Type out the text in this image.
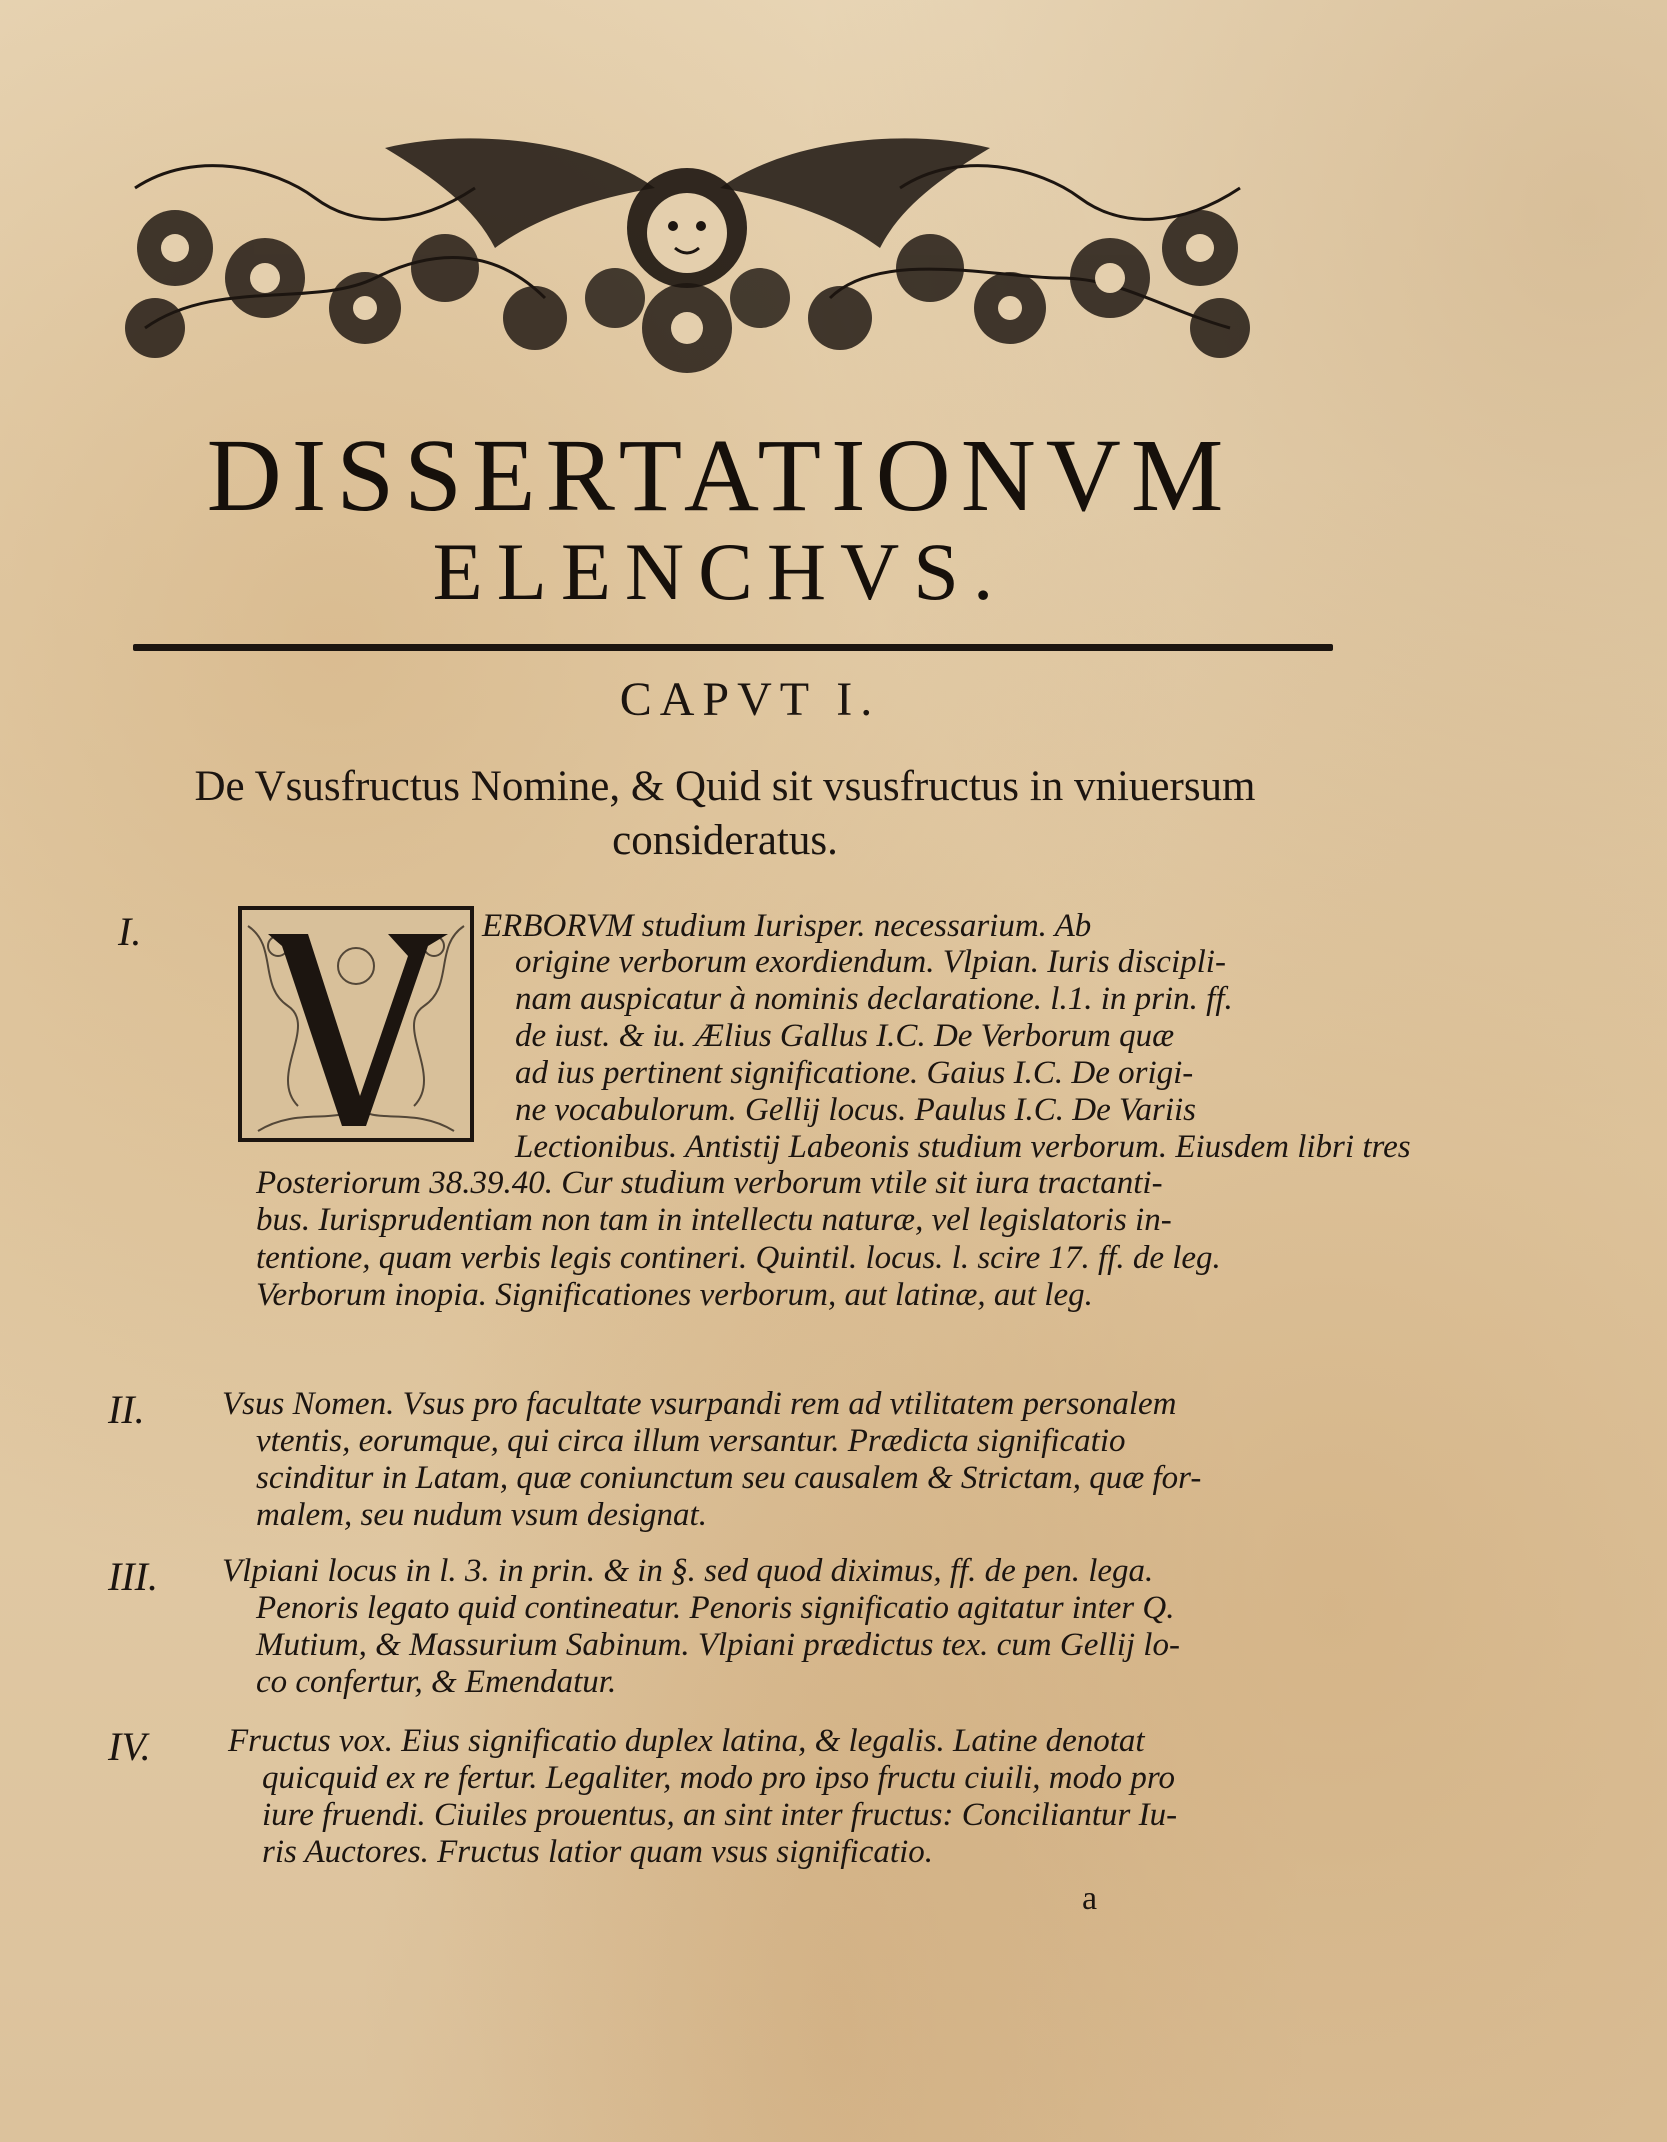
DISSERTATIONVM
ELENCHVS.
CAPVT I.
De Vsusfructus Nomine, & Quid sit vsusfructus in vniuersum
consideratus.
a
I.	ERBORVM studium Iurisper. necessarium. Ab
origine verborum exordiendum. Vlpian. Iuris discipli-
nam auspicatur à nominis declaratione. l.1. in prin. ff.
de iust. & iu. Ælius Gallus I.C. De Verborum quæ
ad ius pertinent significatione. Gaius I.C. De origi-
ne vocabulorum. Gellij locus. Paulus I.C. De Variis
Lectionibus. Antistij Labeonis studium verborum. Eiusdem libri tres
Posteriorum 38.39.40. Cur studium verborum vtile sit iura tractanti-
bus. Iurisprudentiam non tam in intellectu naturæ, vel legislatoris in-
tentione, quam verbis legis contineri. Quintil. locus. l. scire 17. ff. de leg.
Verborum inopia. Significationes verborum, aut latinæ, aut leg.
II. Vsus Nomen. Vsus pro facultate vsurpandi rem ad vtilitatem personalem
vtentis, eorumque, qui circa illum versantur. Prædicta significatio
scinditur in Latam, quæ coniunctum seu causalem & Strictam, quæ for-
malem, seu nudum vsum designat.
III. Vlpiani locus in l. 3. in prin. & in §. sed quod diximus, ff. de pen. lega.
Penoris legato quid contineatur. Penoris significatio agitatur inter Q.
Mutium, & Massurium Sabinum. Vlpiani prædictus tex. cum Gellij lo-
co confertur, & Emendatur.
IV. Fructus vox. Eius significatio duplex latina, & legalis. Latine denotat
quicquid ex re fertur. Legaliter, modo pro ipso fructu ciuili, modo pro
iure fruendi. Ciuiles prouentus, an sint inter fructus: Conciliantur Iu-
ris Auctores. Fructus latior quam vsus significatio.
